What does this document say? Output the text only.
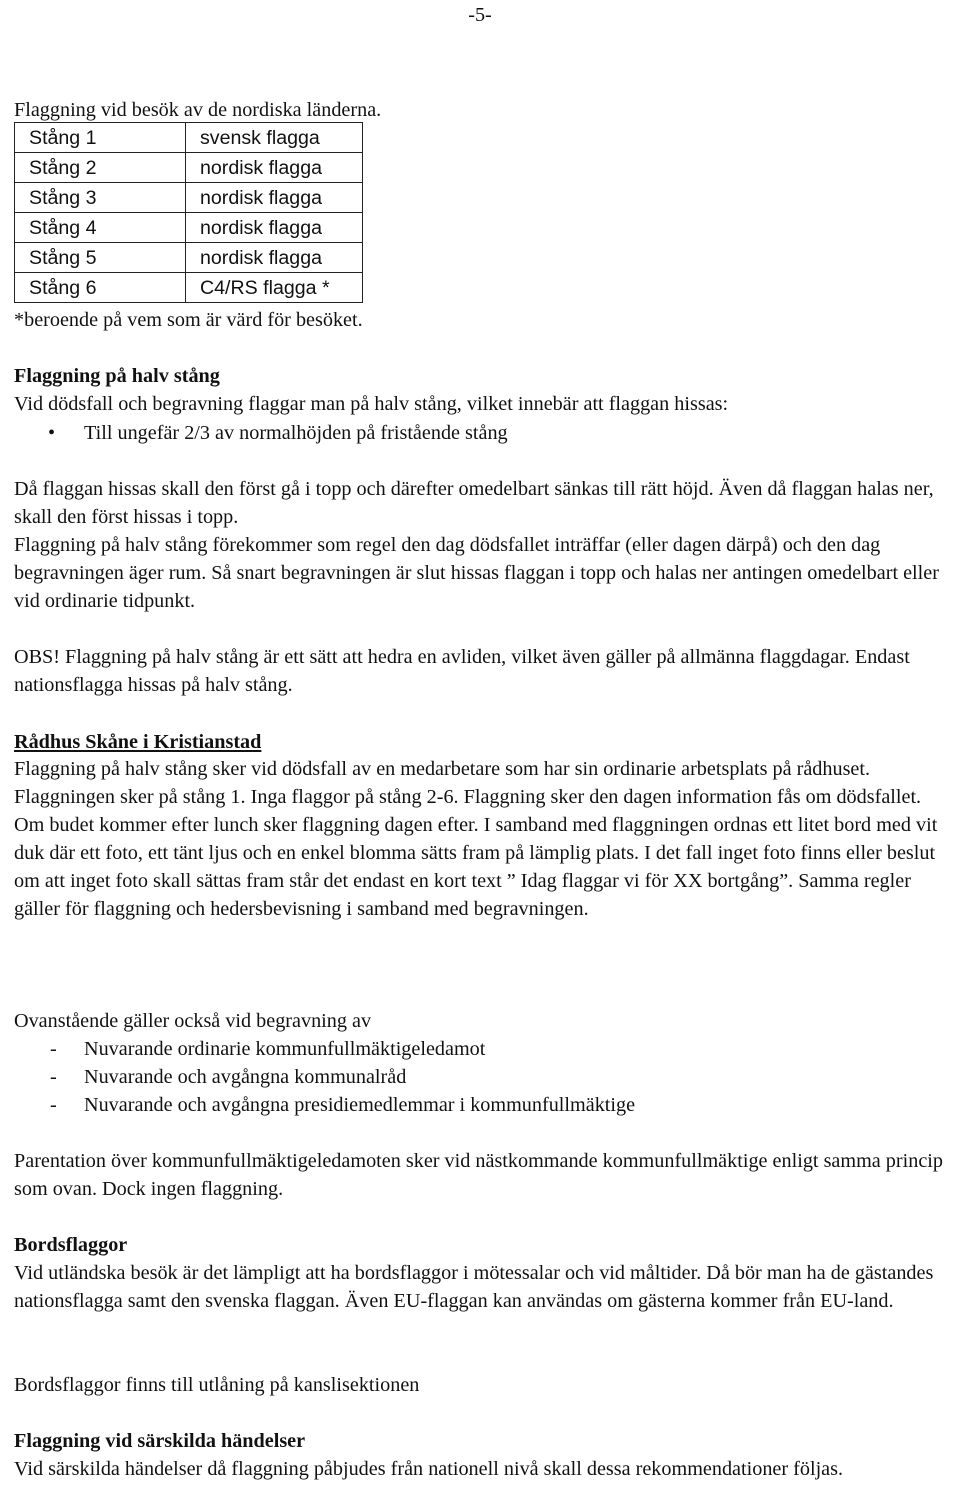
-5-

Flaggning vid besök av de nordiska länderna.

Stång 1	svensk flagga
Stång 2	nordisk flagga
Stång 3	nordisk flagga
Stång 4	nordisk flagga
Stång 5	nordisk flagga
Stång 6	C4/RS flagga *

*beroende på vem som är värd för besöket.

Flaggning på halv stång

Vid dödsfall och begravning flaggar man på halv stång, vilket innebär att flaggan hissas:

• Till ungefär 2/3 av normalhöjden på fristående stång

Då flaggan hissas skall den först gå i topp och därefter omedelbart sänkas till rätt höjd. Även då flaggan halas ner, skall den först hissas i topp.

Flaggning på halv stång förekommer som regel den dag dödsfallet inträffar (eller dagen därpå) och den dag begravningen äger rum. Så snart begravningen är slut hissas flaggan i topp och halas ner antingen omedelbart eller vid ordinarie tidpunkt.

OBS! Flaggning på halv stång är ett sätt att hedra en avliden, vilket även gäller på allmänna flaggdagar. Endast nationsflagga hissas på halv stång.

Rådhus Skåne i Kristianstad

Flaggning på halv stång sker vid dödsfall av en medarbetare som har sin ordinarie arbetsplats på rådhuset. Flaggningen sker på stång 1. Inga flaggor på stång 2-6. Flaggning sker den dagen information fås om dödsfallet. Om budet kommer efter lunch sker flaggning dagen efter. I samband med flaggningen ordnas ett litet bord med vit duk där ett foto, ett tänt ljus och en enkel blomma sätts fram på lämplig plats. I det fall inget foto finns eller beslut om att inget foto skall sättas fram står det endast en kort text ” Idag flaggar vi för XX bortgång”. Samma regler gäller för flaggning och hedersbevisning i samband med begravningen.

Ovanstående gäller också vid begravning av

- Nuvarande ordinarie kommunfullmäktigeledamot
- Nuvarande och avgångna kommunalråd
- Nuvarande och avgångna presidiemedlemmar i kommunfullmäktige

Parentation över kommunfullmäktigeledamoten sker vid nästkommande kommunfullmäktige enligt samma princip som ovan. Dock ingen flaggning.

Bordsflaggor

Vid utländska besök är det lämpligt att ha bordsflaggor i mötessalar och vid måltider. Då bör man ha de gästandes nationsflagga samt den svenska flaggan. Även EU-flaggan kan användas om gästerna kommer från EU-land.

Bordsflaggor finns till utlåning på kanslisektionen

Flaggning vid särskilda händelser

Vid särskilda händelser då flaggning påbjudes från nationell nivå skall dessa rekommendationer följas.
